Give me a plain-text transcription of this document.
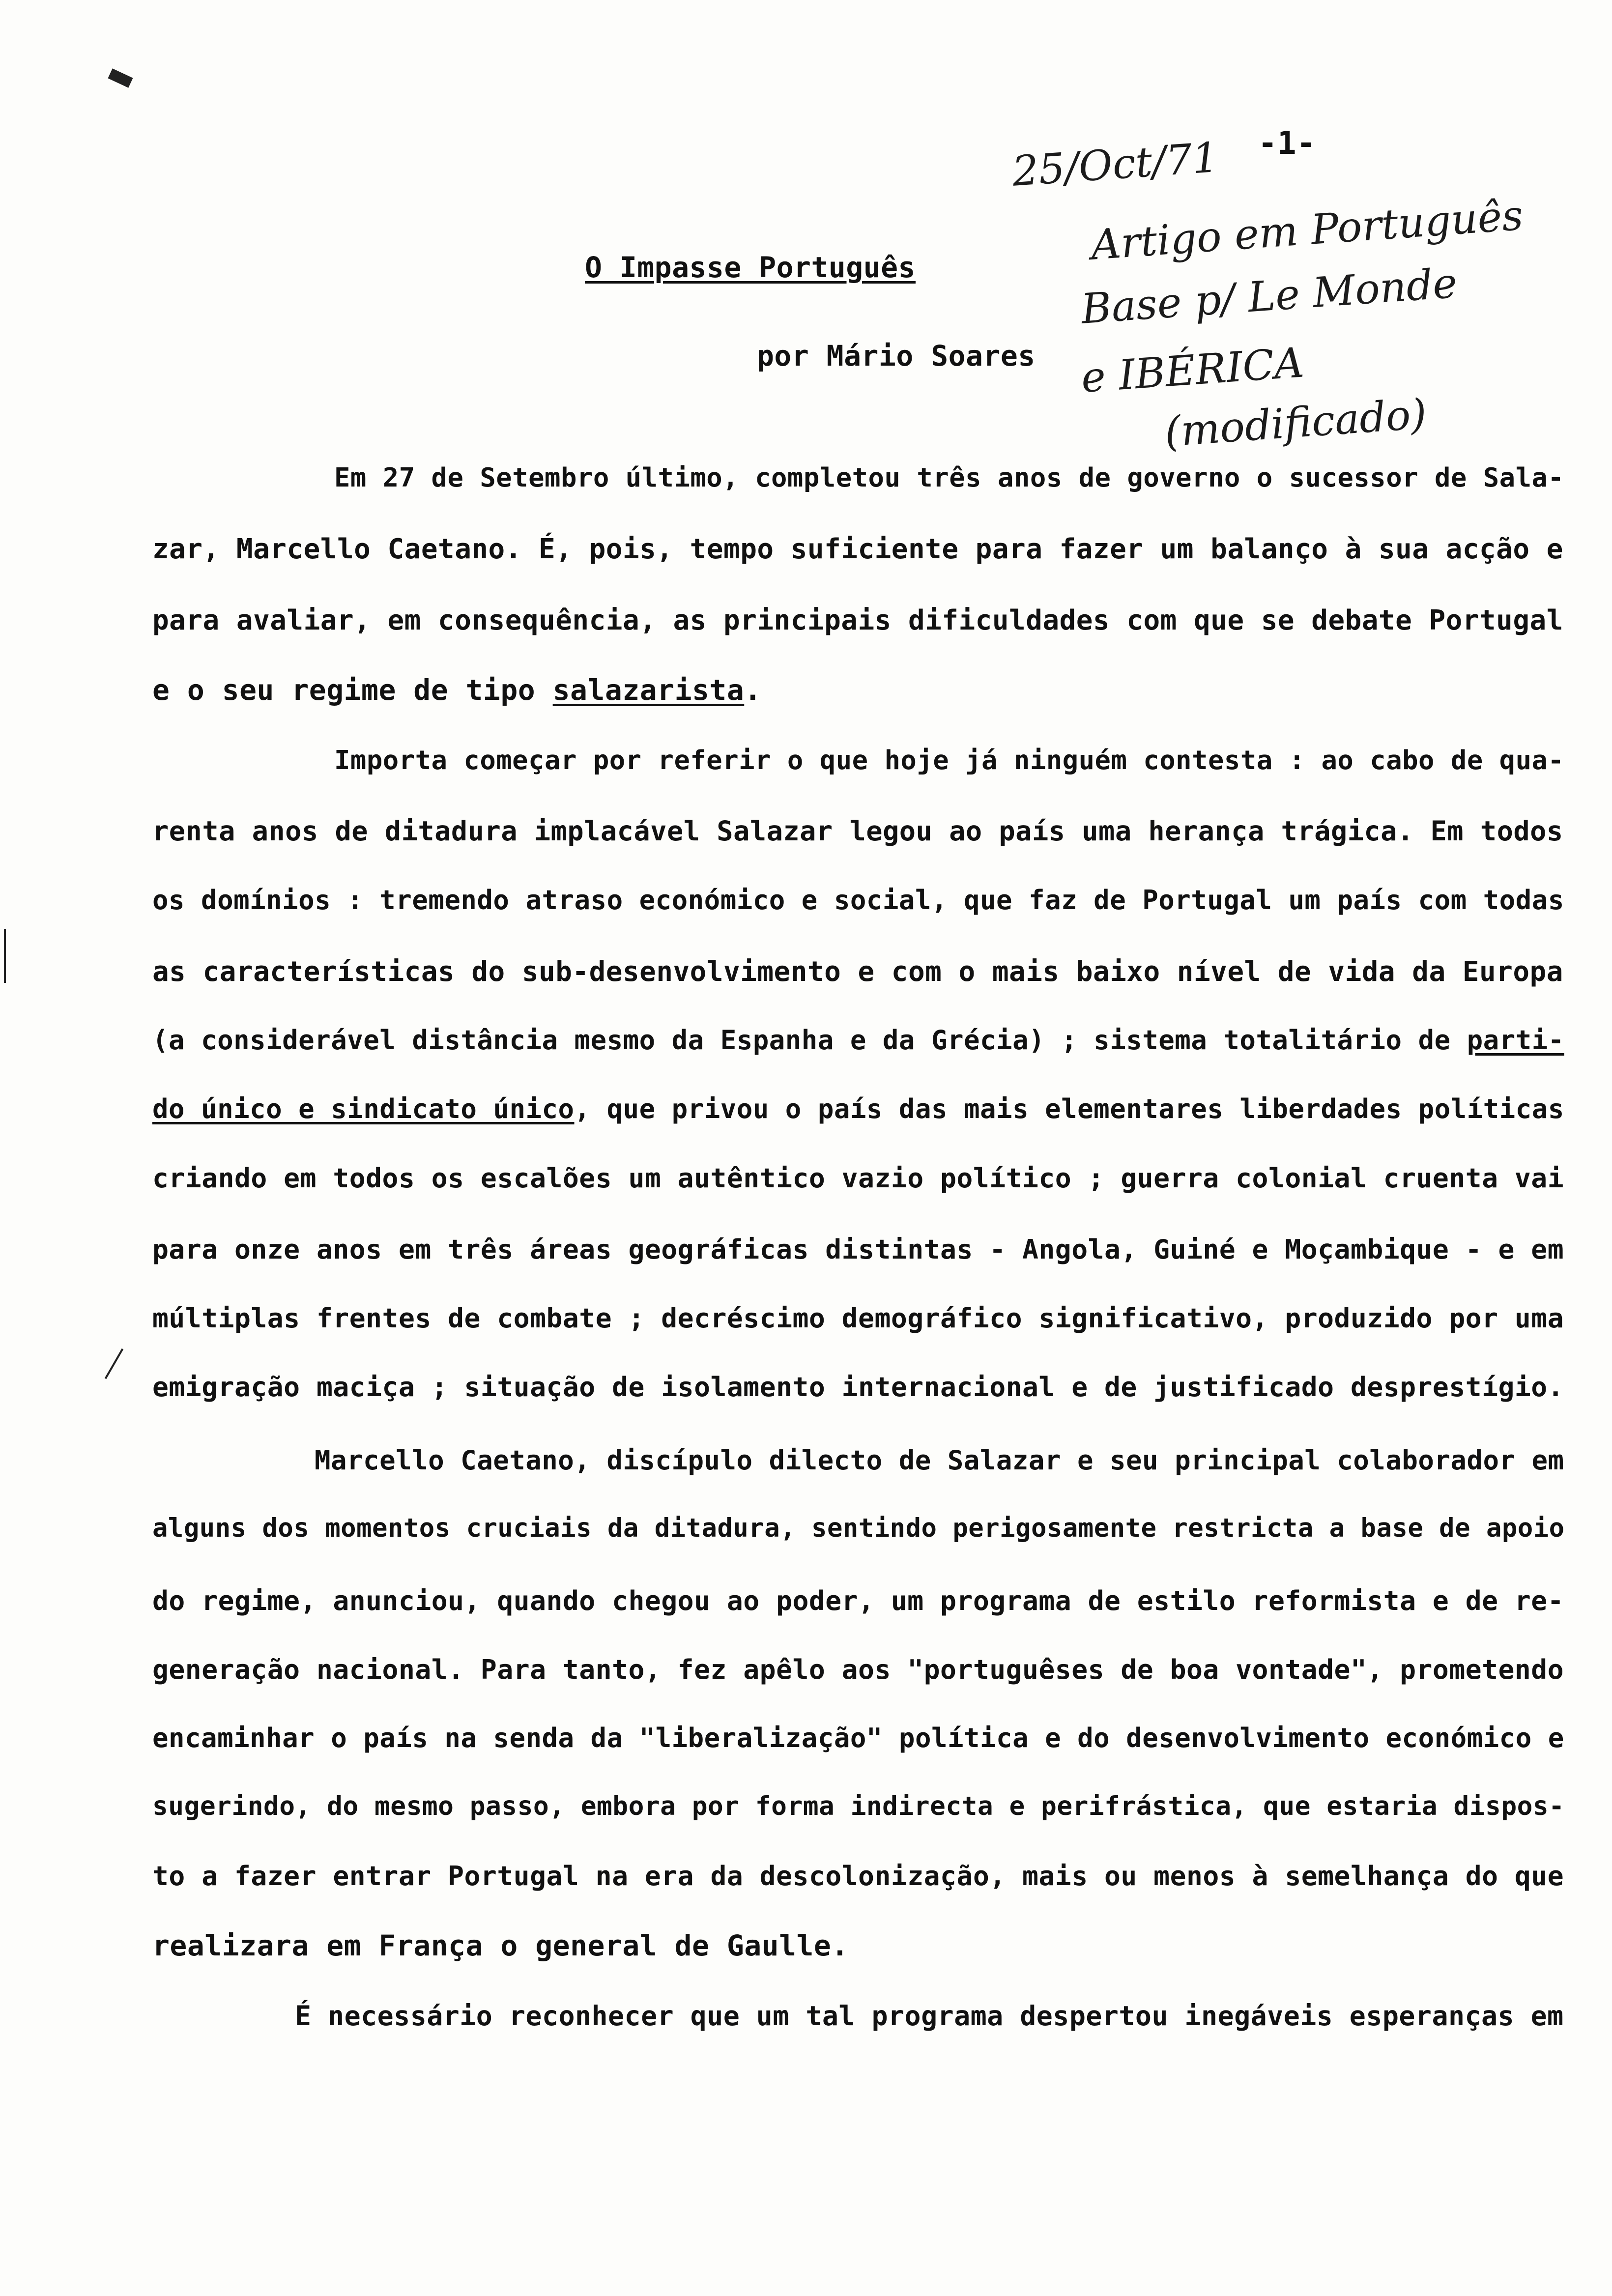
-1-
25/Oct/71
Artigo em Português
Base p/ Le Monde
e IBÉRICA
(modificado)
O Impasse Português
por Mário Soares
Em 27 de Setembro último, completou três anos de governo o sucessor de Sala-
zar, Marcello Caetano. É, pois, tempo suficiente para fazer um balanço à sua acção e
para avaliar, em consequência, as principais dificuldades com que se debate Portugal
e o seu regime de tipo salazarista.
Importa começar por referir o que hoje já ninguém contesta : ao cabo de qua-
renta anos de ditadura implacável Salazar legou ao país uma herança trágica. Em todos
os domínios : tremendo atraso económico e social, que faz de Portugal um país com todas
as características do sub-desenvolvimento e com o mais baixo nível de vida da Europa
(a considerável distância mesmo da Espanha e da Grécia) ; sistema totalitário de parti-
do único e sindicato único, que privou o país das mais elementares liberdades políticas
criando em todos os escalões um autêntico vazio político ; guerra colonial cruenta vai
para onze anos em três áreas geográficas distintas - Angola, Guiné e Moçambique - e em
múltiplas frentes de combate ; decréscimo demográfico significativo, produzido por uma
emigração maciça ; situação de isolamento internacional e de justificado desprestígio.
Marcello Caetano, discípulo dilecto de Salazar e seu principal colaborador em
alguns dos momentos cruciais da ditadura, sentindo perigosamente restricta a base de apoio
do regime, anunciou, quando chegou ao poder, um programa de estilo reformista e de re-
generação nacional. Para tanto, fez apêlo aos "portuguêses de boa vontade", prometendo
encaminhar o país na senda da "liberalização" política e do desenvolvimento económico e
sugerindo, do mesmo passo, embora por forma indirecta e perifrástica, que estaria dispos-
to a fazer entrar Portugal na era da descolonização, mais ou menos à semelhança do que
realizara em França o general de Gaulle.
É necessário reconhecer que um tal programa despertou inegáveis esperanças em
